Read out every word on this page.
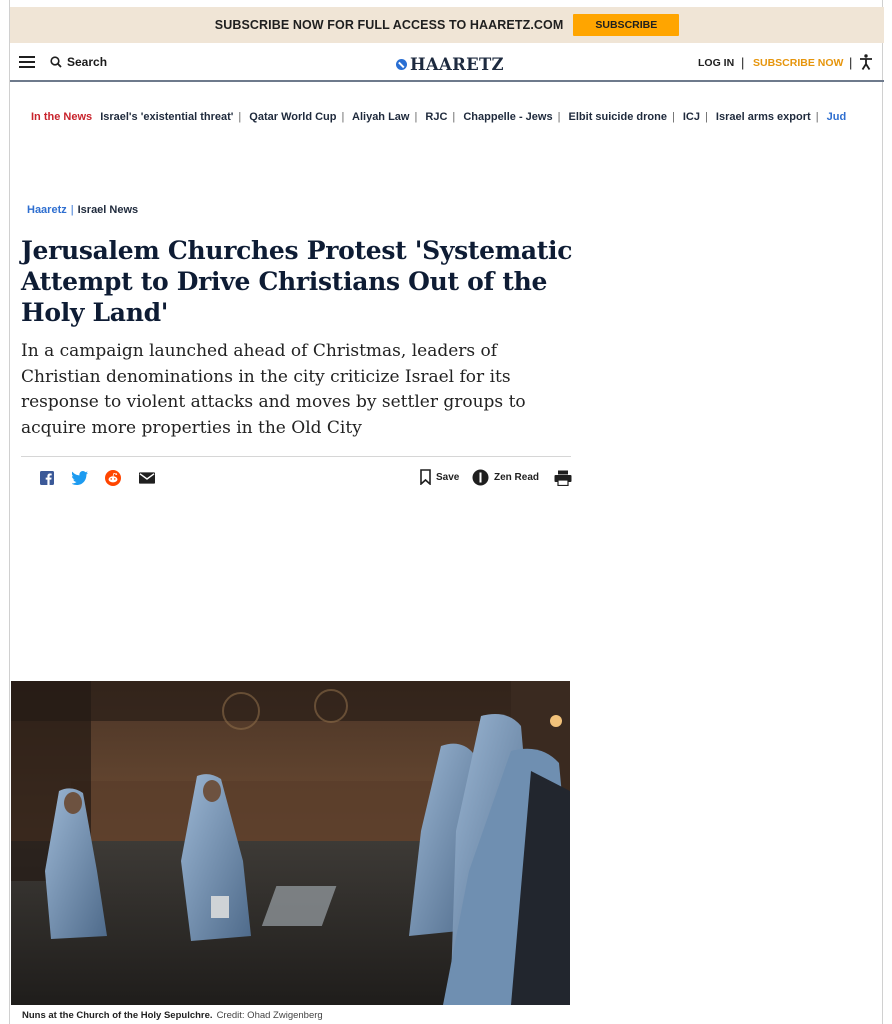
SUBSCRIBE NOW FOR FULL ACCESS TO HAARETZ.COM	SUBSCRIBE
Search	HAARETZ	LOG IN | SUBSCRIBE NOW |
In the News Israel's 'existential threat' | Qatar World Cup | Aliyah Law | RJC | Chappelle - Jews | Elbit suicide drone | ICJ | Israel arms export | Jud
Haaretz | Israel News
Jerusalem Churches Protest 'Systematic Attempt to Drive Christians Out of the Holy Land'

In a campaign launched ahead of Christmas, leaders of Christian denominations in the city criticize Israel for its response to violent attacks and moves by settler groups to acquire more properties in the Old City

Save	Zen Read
Nuns at the Church of the Holy Sepulchre. Credit: Ohad Zwigenberg
